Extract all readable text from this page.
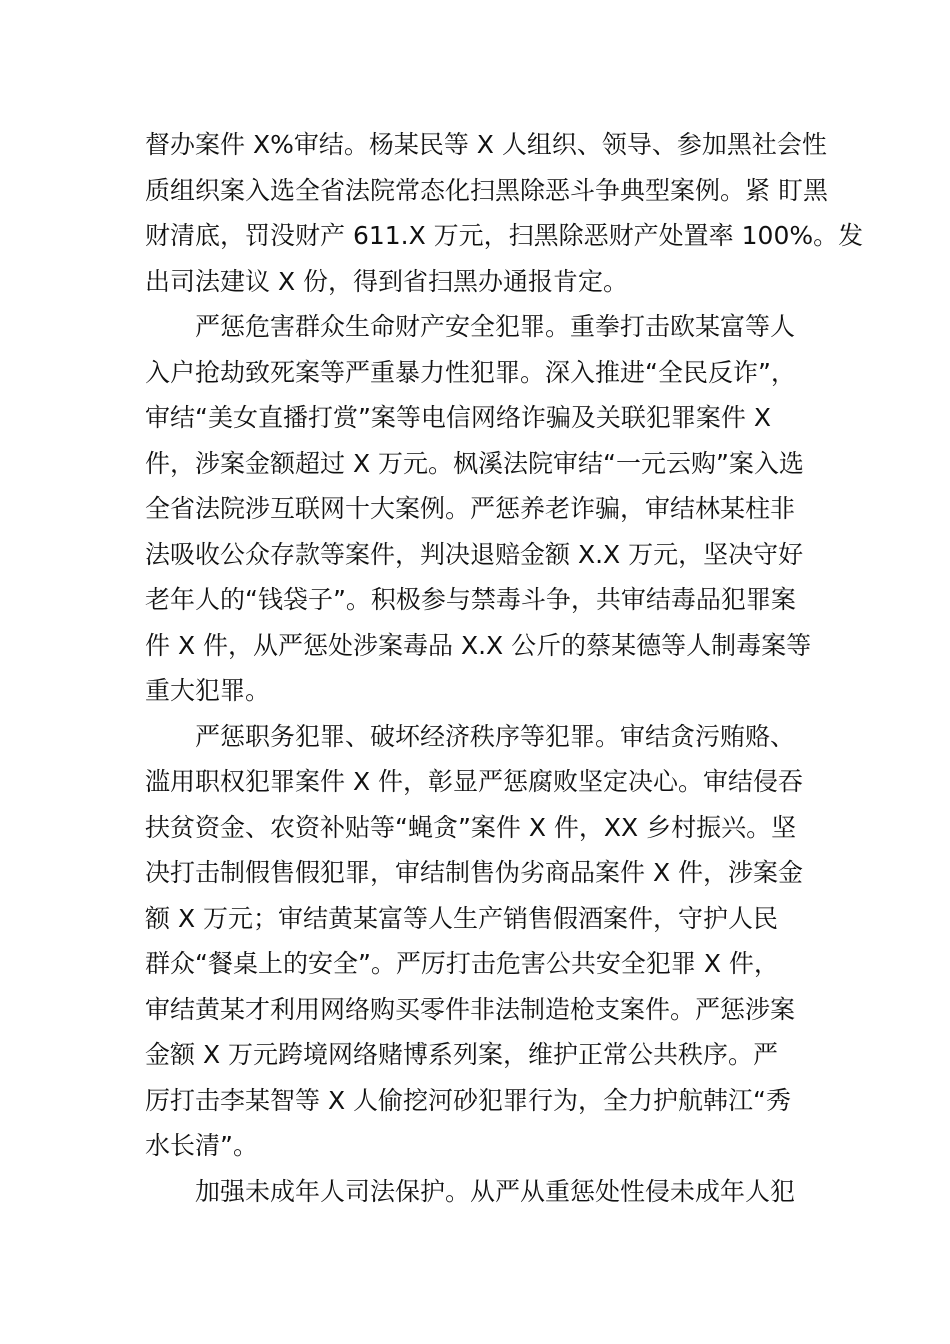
督办案件 X%审结。杨某民等 X 人组织、领导、参加黑社会性
质组织案入选全省法院常态化扫黑除恶斗争典型案例。紧 盯黑
财清底，罚没财产 611.X 万元，扫黑除恶财产处置率 100%。发
出司法建议 X 份，得到省扫黑办通报肯定。
严惩危害群众生命财产安全犯罪。重拳打击欧某富等人
入户抢劫致死案等严重暴力性犯罪。深入推进“全民反诈”，
审结“美女直播打赏”案等电信网络诈骗及关联犯罪案件 X
件，涉案金额超过 X 万元。枫溪法院审结“一元云购”案入选
全省法院涉互联网十大案例。严惩养老诈骗，审结林某柱非
法吸收公众存款等案件，判决退赔金额 X.X 万元，坚决守好
老年人的“钱袋子”。积极参与禁毒斗争，共审结毒品犯罪案
件 X 件，从严惩处涉案毒品 X.X 公斤的蔡某德等人制毒案等
重大犯罪。
严惩职务犯罪、破坏经济秩序等犯罪。审结贪污贿赂、
滥用职权犯罪案件 X 件，彰显严惩腐败坚定决心。审结侵吞
扶贫资金、农资补贴等“蝇贪”案件 X 件，XX 乡村振兴。坚
决打击制假售假犯罪，审结制售伪劣商品案件 X 件，涉案金
额 X 万元；审结黄某富等人生产销售假酒案件，守护人民
群众“餐桌上的安全”。严厉打击危害公共安全犯罪 X 件，
审结黄某才利用网络购买零件非法制造枪支案件。严惩涉案
金额 X 万元跨境网络赌博系列案，维护正常公共秩序。严
厉打击李某智等 X 人偷挖河砂犯罪行为，全力护航韩江“秀
水长清”。
加强未成年人司法保护。从严从重惩处性侵未成年人犯
